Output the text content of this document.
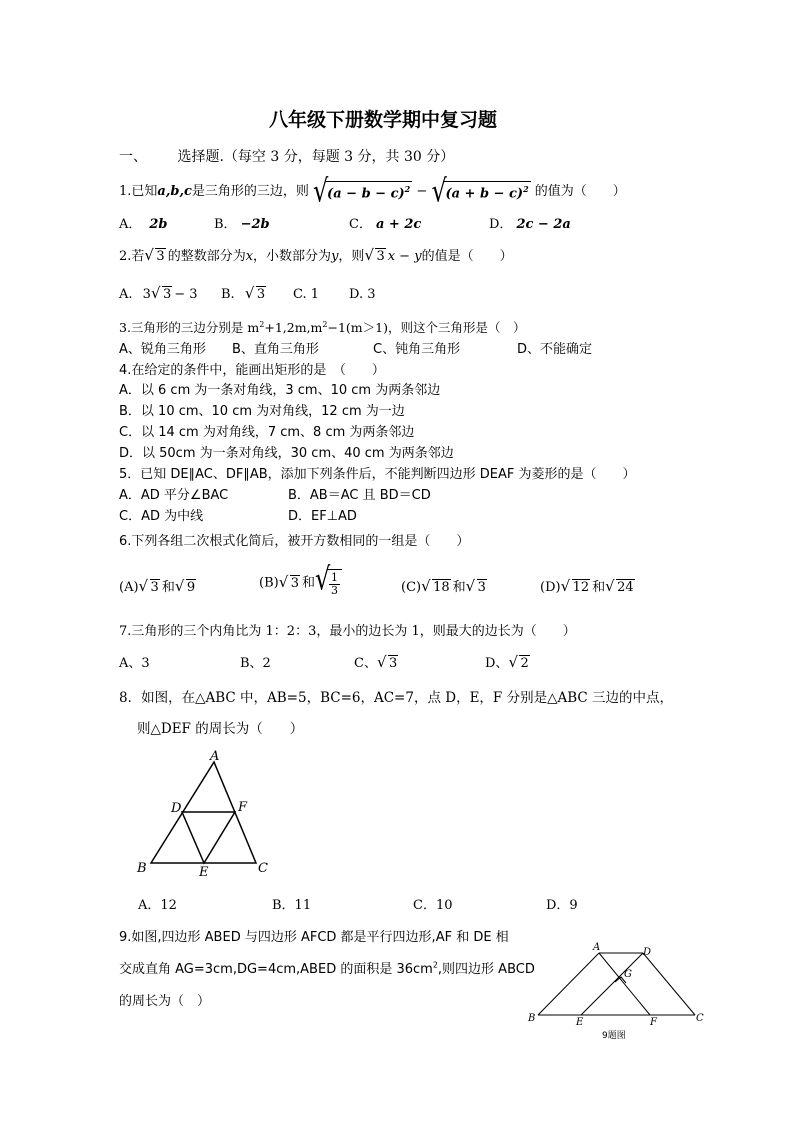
八年级下册数学期中复习题
一、 选择题.（每空 3 分，每题 3 分，共 30 分）
1.已知a,b,c是三角形的三边，则 √ $(a - b - c)^2$ − √ $(a + b - c)^2$ 的值为（　　）
A． 2b	B． −2b	C． a + 2c	D． 2c − 2a
2.若 √ 3 的整数部分为x，小数部分为y，则 √ 3 x − y的值是（　　）
A. 3 √ 3 − 3 B. √ 3 C. 1 D. 3
3.三角形的三边分别是 $m^2+1,2m,m^2-1(m>1)$，则这个三角形是（　）
A、锐角三角形 B、直角三角形	C、钝角三角形	D、不能确定
4.在给定的条件中，能画出矩形的是　（　　）
A．以 6 cm 为一条对角线，3 cm、10 cm 为两条邻边
B．以 10 cm、10 cm 为对角线，12 cm 为一边
C．以 14 cm 为对角线，7 cm、8 cm 为两条邻边
D．以 50cm 为一条对角线，30 cm、40 cm 为两条邻边
5．已知 DE∥AC、DF∥AB，添加下列条件后，不能判断四边形 DEAF 为菱形的是（　　）
A．AD 平分∠BAC	B．AB＝AC 且 BD＝CD
C．AD 为中线	D．EF⊥AD
6.下列各组二次根式化简后，被开方数相同的一组是（　　）
(A) √ 3 和 √ 9	(B) √ 3 和 √ $\frac{1}{3}$	(C) √ 18 和 √ 3	(D) √ 12 和 √ 24
7.三角形的三个内角比为 1：2：3，最小的边长为 1，则最大的边长为（　　）
A、3	B、2	C、 √ 3	D、 √ 2
8．如图，在△ABC 中，AB=5，BC=6，AC=7，点 D，E，F 分别是△ABC 三边的中点，
则△DEF 的周长为（　　）
A
B	C
D
E
F
A．12	B．11	C．10	D．9
9.如图,四边形 ABED 与四边形 AFCD 都是平行四边形,AF 和 DE 相
交成直角 AG=3cm,DG=4cm,ABED 的面积是 $36cm^2$,则四边形 ABCD
的周长为（　）
A	D
B	C
E	F
G
9题图
